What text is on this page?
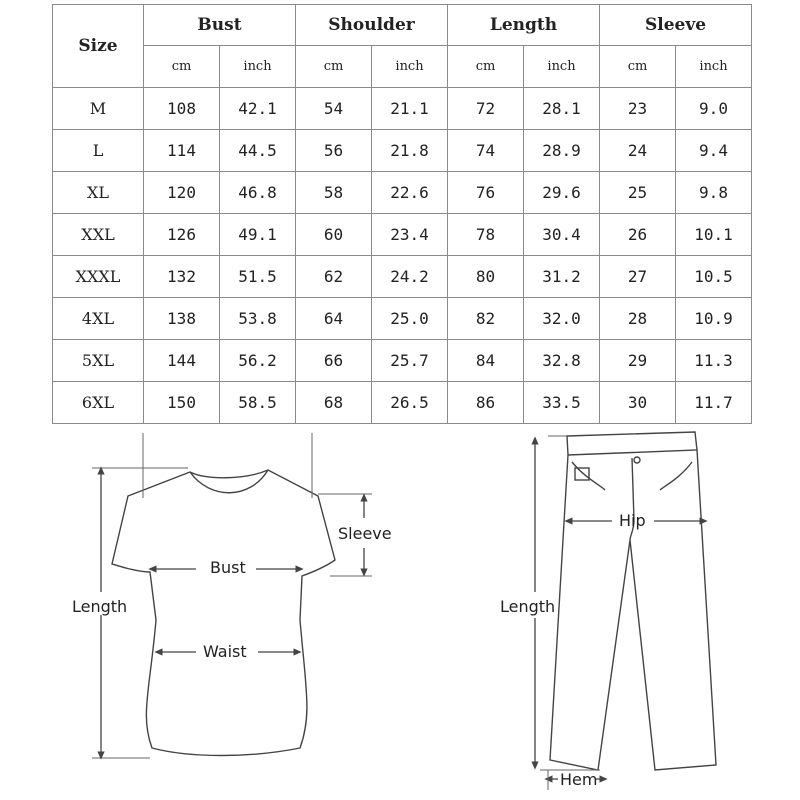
Size	Bust		Shoulder		Length		Sleeve	
	cm	inch	cm	inch	cm	inch	cm	inch
M	108	42.1	54	21.1	72	28.1	23	9.0
L	114	44.5	56	21.8	74	28.9	24	9.4
XL	120	46.8	58	22.6	76	29.6	25	9.8
XXL	126	49.1	60	23.4	78	30.4	26	10.1
XXXL	132	51.5	62	24.2	80	31.2	27	10.5
4XL	138	53.8	64	25.0	82	32.0	28	10.9
5XL	144	56.2	66	25.7	84	32.8	29	11.3
6XL	150	58.5	68	26.5	86	33.5	30	11.7
Length
Bust
Waist
Sleeve
Length
Hip
Hem
